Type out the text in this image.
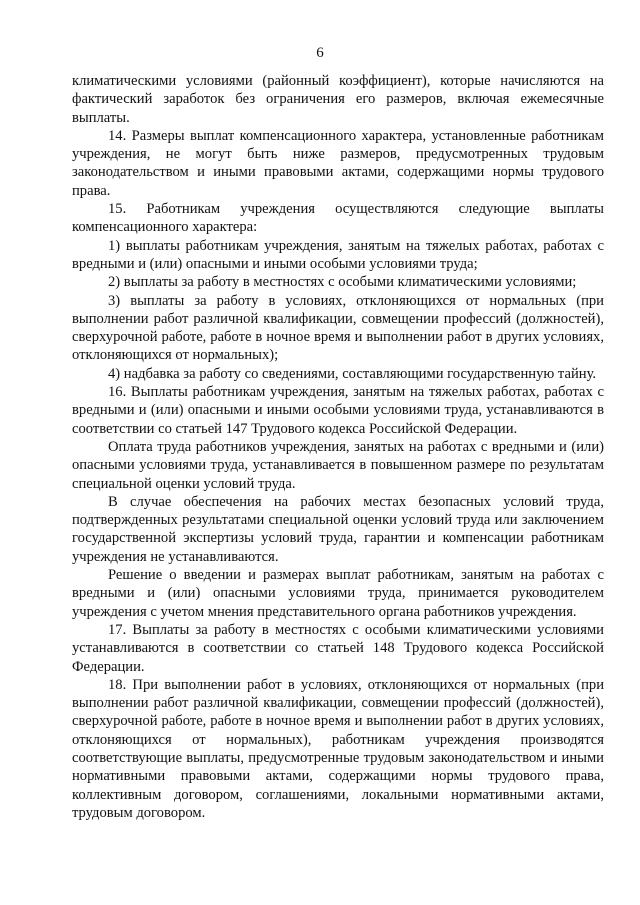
6

климатическими условиями (районный коэффициент), которые начисляются на фактический заработок без ограничения его размеров, включая ежемесячные выплаты.

14. Размеры выплат компенсационного характера, установленные работникам учреждения, не могут быть ниже размеров, предусмотренных трудовым законодательством и иными правовыми актами, содержащими нормы трудового права.

15. Работникам учреждения осуществляются следующие выплаты компенсационного характера:

1) выплаты работникам учреждения, занятым на тяжелых работах, работах с вредными и (или) опасными и иными особыми условиями труда;

2) выплаты за работу в местностях с особыми климатическими условиями;

3) выплаты за работу в условиях, отклоняющихся от нормальных (при выполнении работ различной квалификации, совмещении профессий (должностей), сверхурочной работе, работе в ночное время и выполнении работ в других условиях, отклоняющихся от нормальных);

4) надбавка за работу со сведениями, составляющими государственную тайну.

16. Выплаты работникам учреждения, занятым на тяжелых работах, работах с вредными и (или) опасными и иными особыми условиями труда, устанавливаются в соответствии со статьей 147 Трудового кодекса Российской Федерации.

Оплата труда работников учреждения, занятых на работах с вредными и (или) опасными условиями труда, устанавливается в повышенном размере по результатам специальной оценки условий труда.

В случае обеспечения на рабочих местах безопасных условий труда, подтвержденных результатами специальной оценки условий труда или заключением государственной экспертизы условий труда, гарантии и компенсации работникам учреждения не устанавливаются.

Решение о введении и размерах выплат работникам, занятым на работах с вредными и (или) опасными условиями труда, принимается руководителем учреждения с учетом мнения представительного органа работников учреждения.

17. Выплаты за работу в местностях с особыми климатическими условиями устанавливаются в соответствии со статьей 148 Трудового кодекса Российской Федерации.

18. При выполнении работ в условиях, отклоняющихся от нормальных (при выполнении работ различной квалификации, совмещении профессий (должностей), сверхурочной работе, работе в ночное время и выполнении работ в других условиях, отклоняющихся от нормальных), работникам учреждения производятся соответствующие выплаты, предусмотренные трудовым законодательством и иными нормативными правовыми актами, содержащими нормы трудового права, коллективным договором, соглашениями, локальными нормативными актами, трудовым договором.
